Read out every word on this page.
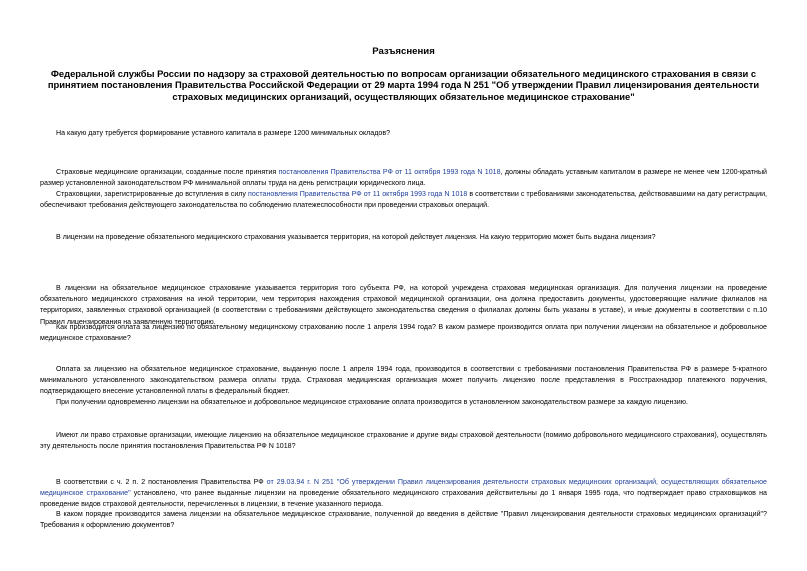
Разъяснения
Федеральной службы России по надзору за страховой деятельностью по вопросам организации обязательного медицинского страхования в связи с принятием постановления Правительства Российской Федерации от 29 марта 1994 года N 251 "Об утверждении Правил лицензирования деятельности страховых медицинских организаций, осуществляющих обязательное медицинское страхование"
На какую дату требуется формирование уставного капитала в размере 1200 минимальных окладов?
Страховые медицинские организации, созданные после принятия постановления Правительства РФ от 11 октября 1993 года N 1018, должны обладать уставным капиталом в размере не менее чем 1200-кратный размер установленной законодательством РФ минимальной оплаты труда на день регистрации юридического лица.
Страховщики, зарегистрированные до вступления в силу постановления Правительства РФ от 11 октября 1993 года N 1018 в соответствии с требованиями законодательства, действовавшими на дату регистрации, обеспечивают требования действующего законодательства по соблюдению платежеспособности при проведении страховых операций.
В лицензии на проведение обязательного медицинского страхования указывается территория, на которой действует лицензия. На какую территорию может быть выдана лицензия?
В лицензии на обязательное медицинское страхование указывается территория того субъекта РФ, на которой учреждена страховая медицинская организация. Для получения лицензии на проведение обязательного медицинского страхования на иной территории, чем территория нахождения страховой медицинской организации, она должна предоставить документы, удостоверяющие наличие филиалов на территориях, заявленных страховой организацией (в соответствии с требованиями действующего законодательства сведения о филиалах должны быть указаны в уставе), и иные документы в соответствии с п.10 Правил лицензирования на заявленную территорию.
Как производится оплата за лицензию по обязательному медицинскому страхованию после 1 апреля 1994 года? В каком размере производится оплата при получении лицензии на обязательное и добровольное медицинское страхование?
Оплата за лицензию на обязательное медицинское страхование, выданную после 1 апреля 1994 года, производится в соответствии с требованиями постановления Правительства РФ в размере 5-кратного минимального установленного законодательством размера оплаты труда. Страховая медицинская организация может получить лицензию после представления в Росстрахнадзор платежного поручения, подтверждающего внесение установленной платы в федеральный бюджет.
При получении одновременно лицензии на обязательное и добровольное медицинское страхование оплата производится в установленном законодательством размере за каждую лицензию.
Имеют ли право страховые организации, имеющие лицензию на обязательное медицинское страхование и другие виды страховой деятельности (помимо добровольного медицинского страхования), осуществлять эту деятельность после принятия постановления Правительства РФ N 1018?
В соответствии с ч. 2 п. 2 постановления Правительства РФ от 29.03.94 г. N 251 "Об утверждении Правил лицензирования деятельности страховых медицинских организаций, осуществляющих обязательное медицинское страхование" установлено, что ранее выданные лицензии на проведение обязательного медицинского страхования действительны до 1 января 1995 года, что подтверждает право страховщиков на проведение видов страховой деятельности, перечисленных в лицензии, в течение указанного периода.
В каком порядке производится замена лицензии на обязательное медицинское страхование, полученной до введения в действие "Правил лицензирования деятельности страховых медицинских организаций"? Требования к оформлению документов?
